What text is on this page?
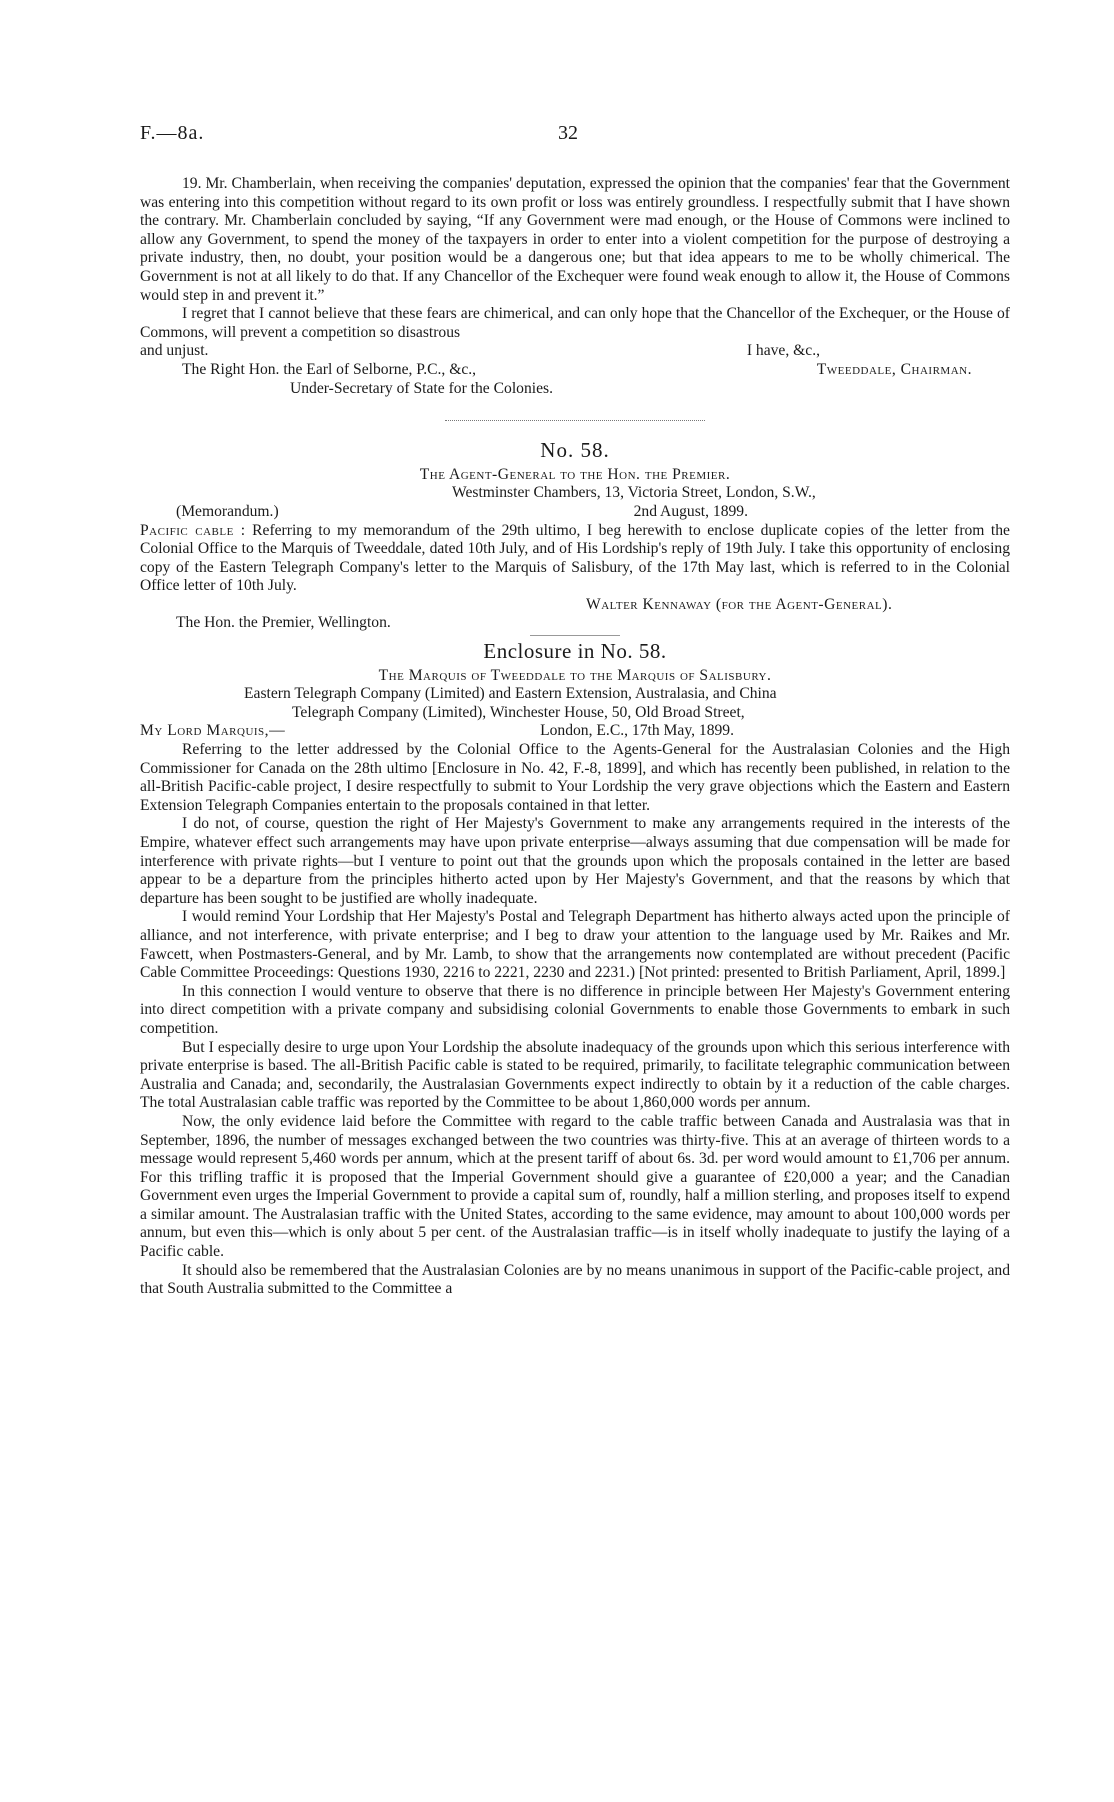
F.—8a.	32

19. Mr. Chamberlain, when receiving the companies' deputation, expressed the opinion that the companies' fear that the Government was entering into this competition without regard to its own profit or loss was entirely groundless. I respectfully submit that I have shown the contrary. Mr. Chamberlain concluded by saying, “If any Government were mad enough, or the House of Commons were inclined to allow any Government, to spend the money of the taxpayers in order to enter into a violent competition for the purpose of destroying a private industry, then, no doubt, your position would be a dangerous one; but that idea appears to me to be wholly chimerical. The Government is not at all likely to do that. If any Chancellor of the Exchequer were found weak enough to allow it, the House of Commons would step in and prevent it.”

I regret that I cannot believe that these fears are chimerical, and can only hope that the Chancellor of the Exchequer, or the House of Commons, will prevent a competition so disastrous

and unjust.	I have, &c.,
The Right Hon. the Earl of Selborne, P.C., &c.,	Tweeddale, Chairman.

Under-Secretary of State for the Colonies.

No. 58.

The Agent-General to the Hon. the Premier.

Westminster Chambers, 13, Victoria Street, London, S.W.,

(Memorandum.)	2nd August, 1899.

Pacific cable : Referring to my memorandum of the 29th ultimo, I beg herewith to enclose duplicate copies of the letter from the Colonial Office to the Marquis of Tweeddale, dated 10th July, and of His Lordship's reply of 19th July. I take this opportunity of enclosing copy of the Eastern Telegraph Company's letter to the Marquis of Salisbury, of the 17th May last, which is referred to in the Colonial Office letter of 10th July.

Walter Kennaway (for the Agent-General).

The Hon. the Premier, Wellington.

Enclosure in No. 58.

The Marquis of Tweeddale to the Marquis of Salisbury.

Eastern Telegraph Company (Limited) and Eastern Extension, Australasia, and China

Telegraph Company (Limited), Winchester House, 50, Old Broad Street,

My Lord Marquis,—	London, E.C., 17th May, 1899.

Referring to the letter addressed by the Colonial Office to the Agents-General for the Australasian Colonies and the High Commissioner for Canada on the 28th ultimo [Enclosure in No. 42, F.-8, 1899], and which has recently been published, in relation to the all-British Pacific-cable project, I desire respectfully to submit to Your Lordship the very grave objections which the Eastern and Eastern Extension Telegraph Companies entertain to the proposals contained in that letter.

I do not, of course, question the right of Her Majesty's Government to make any arrangements required in the interests of the Empire, whatever effect such arrangements may have upon private enterprise—always assuming that due compensation will be made for interference with private rights—but I venture to point out that the grounds upon which the proposals contained in the letter are based appear to be a departure from the principles hitherto acted upon by Her Majesty's Government, and that the reasons by which that departure has been sought to be justified are wholly inadequate.

I would remind Your Lordship that Her Majesty's Postal and Telegraph Department has hitherto always acted upon the principle of alliance, and not interference, with private enterprise; and I beg to draw your attention to the language used by Mr. Raikes and Mr. Fawcett, when Postmasters-General, and by Mr. Lamb, to show that the arrangements now contemplated are without precedent (Pacific Cable Committee Proceedings: Questions 1930, 2216 to 2221, 2230 and 2231.) [Not printed: presented to British Parliament, April, 1899.]

In this connection I would venture to observe that there is no difference in principle between Her Majesty's Government entering into direct competition with a private company and subsidising colonial Governments to enable those Governments to embark in such competition.

But I especially desire to urge upon Your Lordship the absolute inadequacy of the grounds upon which this serious interference with private enterprise is based. The all-British Pacific cable is stated to be required, primarily, to facilitate telegraphic communication between Australia and Canada; and, secondarily, the Australasian Governments expect indirectly to obtain by it a reduction of the cable charges. The total Australasian cable traffic was reported by the Committee to be about 1,860,000 words per annum.

Now, the only evidence laid before the Committee with regard to the cable traffic between Canada and Australasia was that in September, 1896, the number of messages exchanged between the two countries was thirty-five. This at an average of thirteen words to a message would represent 5,460 words per annum, which at the present tariff of about 6s. 3d. per word would amount to £1,706 per annum. For this trifling traffic it is proposed that the Imperial Government should give a guarantee of £20,000 a year; and the Canadian Government even urges the Imperial Government to provide a capital sum of, roundly, half a million sterling, and proposes itself to expend a similar amount. The Australasian traffic with the United States, according to the same evidence, may amount to about 100,000 words per annum, but even this—which is only about 5 per cent. of the Australasian traffic—is in itself wholly inadequate to justify the laying of a Pacific cable.

It should also be remembered that the Australasian Colonies are by no means unanimous in support of the Pacific-cable project, and that South Australia submitted to the Committee a
